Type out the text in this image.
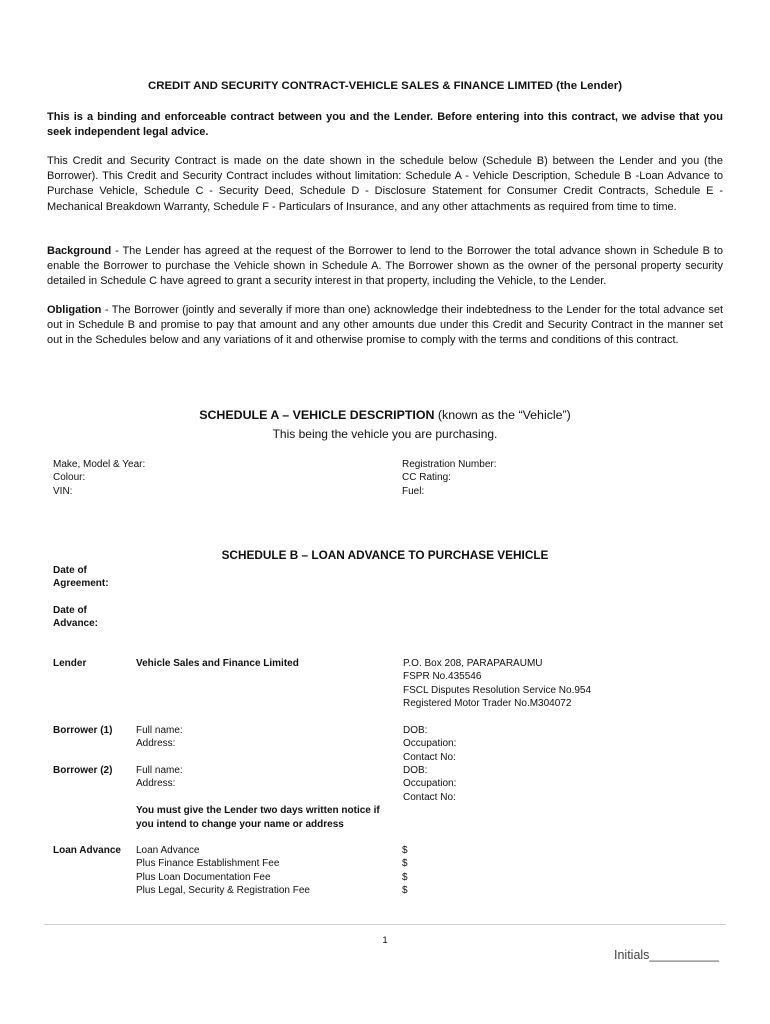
CREDIT AND SECURITY CONTRACT-VEHICLE SALES & FINANCE LIMITED (the Lender)

This is a binding and enforceable contract between you and the Lender. Before entering into this contract, we advise that you seek independent legal advice.

This Credit and Security Contract is made on the date shown in the schedule below (Schedule B) between the Lender and you (the Borrower). This Credit and Security Contract includes without limitation: Schedule A - Vehicle Description, Schedule B -Loan Advance to Purchase Vehicle, Schedule C - Security Deed, Schedule D - Disclosure Statement for Consumer Credit Contracts, Schedule E - Mechanical Breakdown Warranty, Schedule F - Particulars of Insurance, and any other attachments as required from time to time.

Background - The Lender has agreed at the request of the Borrower to lend to the Borrower the total advance shown in Schedule B to enable the Borrower to purchase the Vehicle shown in Schedule A. The Borrower shown as the owner of the personal property security detailed in Schedule C have agreed to grant a security interest in that property, including the Vehicle, to the Lender.

Obligation - The Borrower (jointly and severally if more than one) acknowledge their indebtedness to the Lender for the total advance set out in Schedule B and promise to pay that amount and any other amounts due under this Credit and Security Contract in the manner set out in the Schedules below and any variations of it and otherwise promise to comply with the terms and conditions of this contract.

SCHEDULE A – VEHICLE DESCRIPTION (known as the “Vehicle”)
This being the vehicle you are purchasing.
Make, Model & Year:
Colour:
VIN:
Registration Number:
CC Rating:
Fuel:
SCHEDULE B – LOAN ADVANCE TO PURCHASE VEHICLE
Date of
Agreement:
Date of
Advance:
Lender	Vehicle Sales and Finance Limited	P.O. Box 208, PARAPARAUMU
FSPR No.435546
FSCL Disputes Resolution Service No.954
Registered Motor Trader No.M304072
Borrower (1) Full name:
Address:
DOB:
Occupation:
Contact No:
Borrower (2) Full name:
Address:
DOB:
Occupation:
Contact No:
You must give the Lender two days written notice if
you intend to change your name or address
Loan Advance Loan Advance
Plus Finance Establishment Fee
Plus Loan Documentation Fee
Plus Legal, Security & Registration Fee
$
$
$
$
1
Initials__________
